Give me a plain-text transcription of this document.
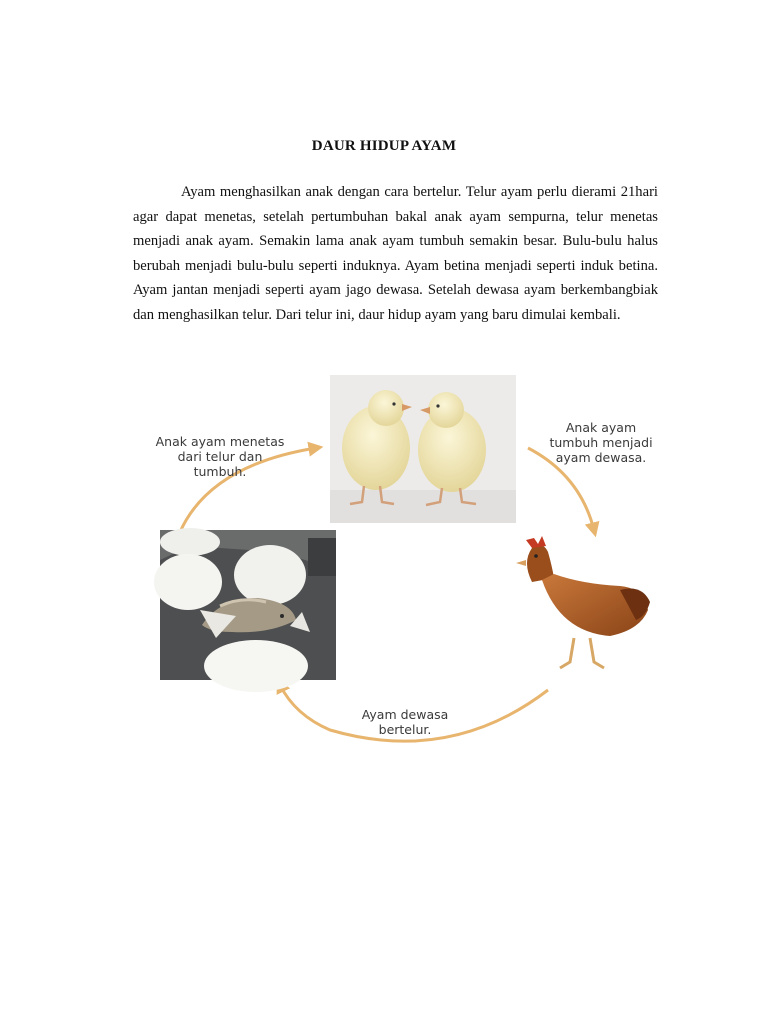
DAUR HIDUP AYAM

Ayam menghasilkan anak dengan cara bertelur. Telur ayam perlu dierami 21hari agar dapat menetas, setelah pertumbuhan bakal anak ayam sempurna, telur menetas menjadi anak ayam. Semakin lama anak ayam tumbuh semakin besar. Bulu-bulu halus berubah menjadi bulu-bulu seperti induknya. Ayam betina menjadi seperti induk betina. Ayam jantan menjadi seperti ayam jago dewasa. Setelah dewasa ayam berkembangbiak dan menghasilkan telur. Dari telur ini, daur hidup ayam yang baru dimulai kembali.

Anak ayam menetas dari telur dan tumbuh.
Anak ayam tumbuh menjadi ayam dewasa.
Ayam dewasa bertelur.
